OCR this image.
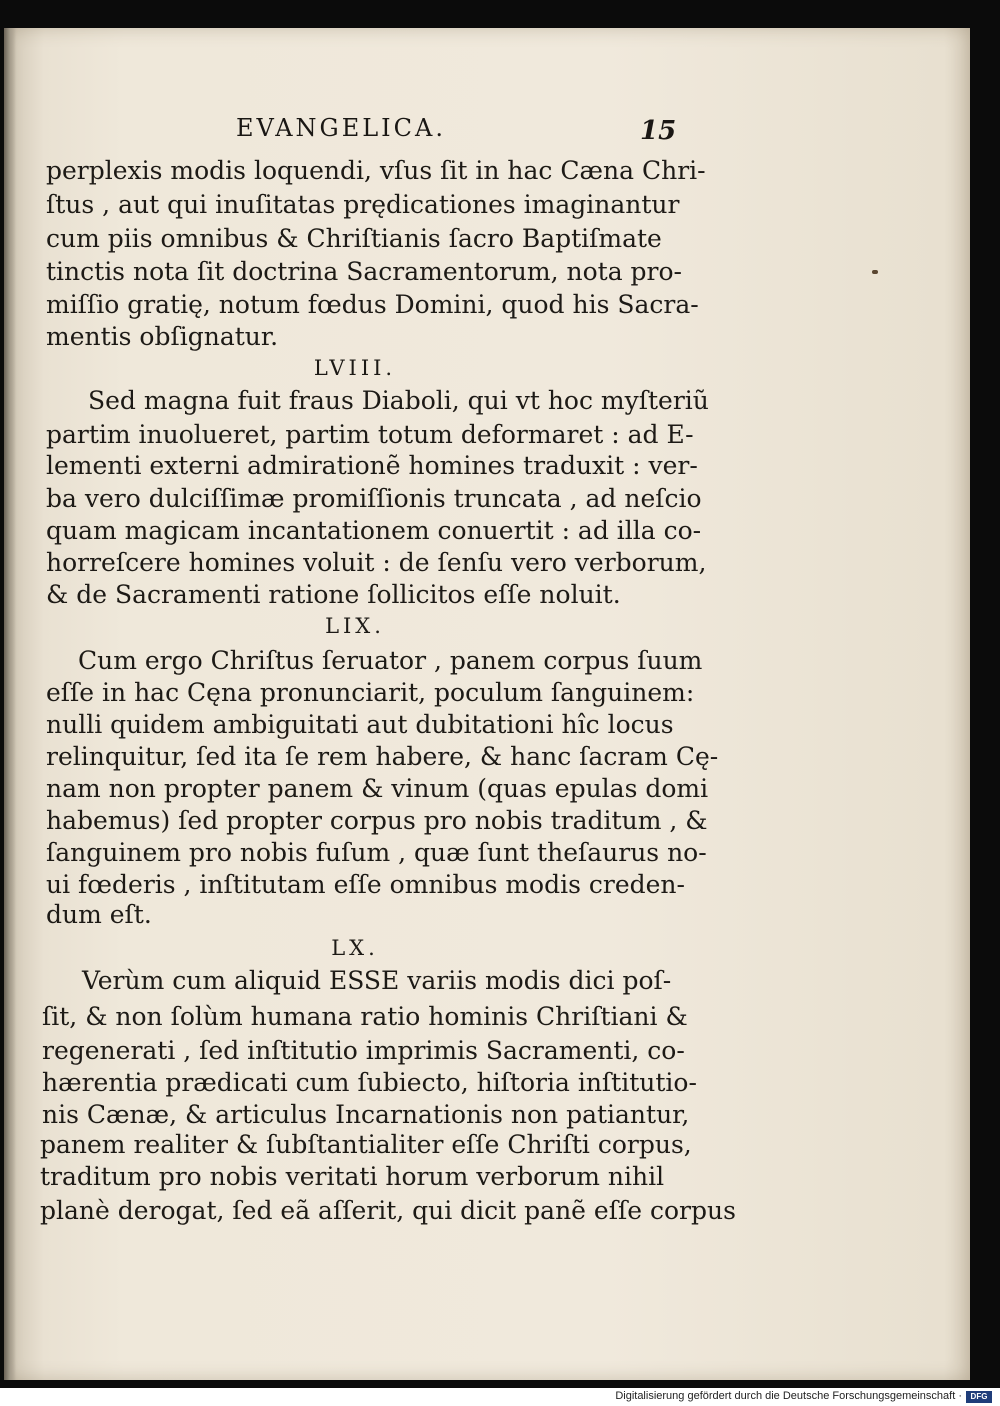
EVANGELICA.	15
perplexis modis loquendi, vſus ſit in hac Cæna Chri-
ſtus , aut qui inuſitatas prędicationes imaginantur
cum piis omnibus & Chriſtianis ſacro Baptiſmate
tinctis nota ſit doctrina Sacramentorum, nota pro-
miſſio gratię, notum fœdus Domini, quod his Sacra-
mentis obſignatur.
LVIII.
Sed magna fuit fraus Diaboli, qui vt hoc myſteriũ
partim inuolueret, partim totum deformaret : ad E-
lementi externi admirationẽ homines traduxit : ver-
ba vero dulciſſimæ promiſſionis truncata , ad neſcio
quam magicam incantationem conuertit : ad illa co-
horreſcere homines voluit : de ſenſu vero verborum,
& de Sacramenti ratione ſollicitos eſſe noluit.
LIX.
Cum ergo Chriſtus ſeruator , panem corpus ſuum
eſſe in hac Cęna pronunciarit, poculum ſanguinem:
nulli quidem ambiguitati aut dubitationi hîc locus
relinquitur, ſed ita ſe rem habere, & hanc ſacram Cę-
nam non propter panem & vinum (quas epulas domi
habemus) ſed propter corpus pro nobis traditum , &
ſanguinem pro nobis fuſum , quæ ſunt theſaurus no-
ui fœderis , inſtitutam eſſe omnibus modis creden-
dum eſt.
LX.
Verùm cum aliquid ESSE variis modis dici poſ-
ſit, & non ſolùm humana ratio hominis Chriſtiani &
regenerati , ſed inſtitutio imprimis Sacramenti, co-
hærentia prædicati cum ſubiecto, hiſtoria inſtitutio-
nis Cænæ, & articulus Incarnationis non patiantur,
panem realiter & ſubſtantialiter eſſe Chriſti corpus,
traditum pro nobis veritati horum verborum nihil
planè derogat, ſed eã aſſerit, qui dicit panẽ eſſe corpus
Digitalisierung gefördert durch die Deutsche Forschungsgemeinschaft ·	DFG
